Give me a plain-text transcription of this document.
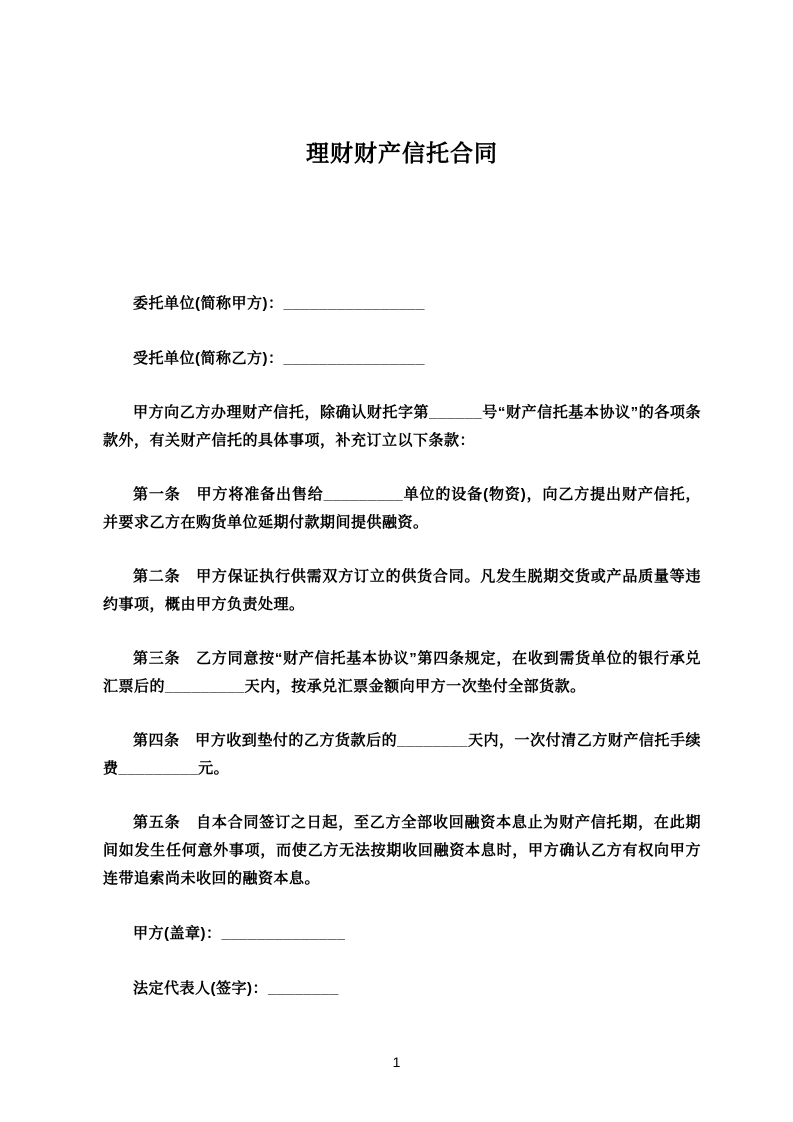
理财财产信托合同

委托单位(简称甲方)：________________

受托单位(简称乙方)：________________

甲方向乙方办理财产信托，除确认财托字第______号“财产信托基本协议”的各项条款外，有关财产信托的具体事项，补充订立以下条款：

第一条　甲方将准备出售给_________单位的设备(物资)，向乙方提出财产信托，并要求乙方在购货单位延期付款期间提供融资。

第二条　甲方保证执行供需双方订立的供货合同。凡发生脱期交货或产品质量等违约事项，概由甲方负责处理。

第三条　乙方同意按“财产信托基本协议”第四条规定，在收到需货单位的银行承兑汇票后的_________天内，按承兑汇票金额向甲方一次垫付全部货款。

第四条　甲方收到垫付的乙方货款后的________天内，一次付清乙方财产信托手续费_________元。

第五条　自本合同签订之日起，至乙方全部收回融资本息止为财产信托期，在此期间如发生任何意外事项，而使乙方无法按期收回融资本息时，甲方确认乙方有权向甲方连带追索尚未收回的融资本息。

甲方(盖章)：______________

法定代表人(签字)：________

1
